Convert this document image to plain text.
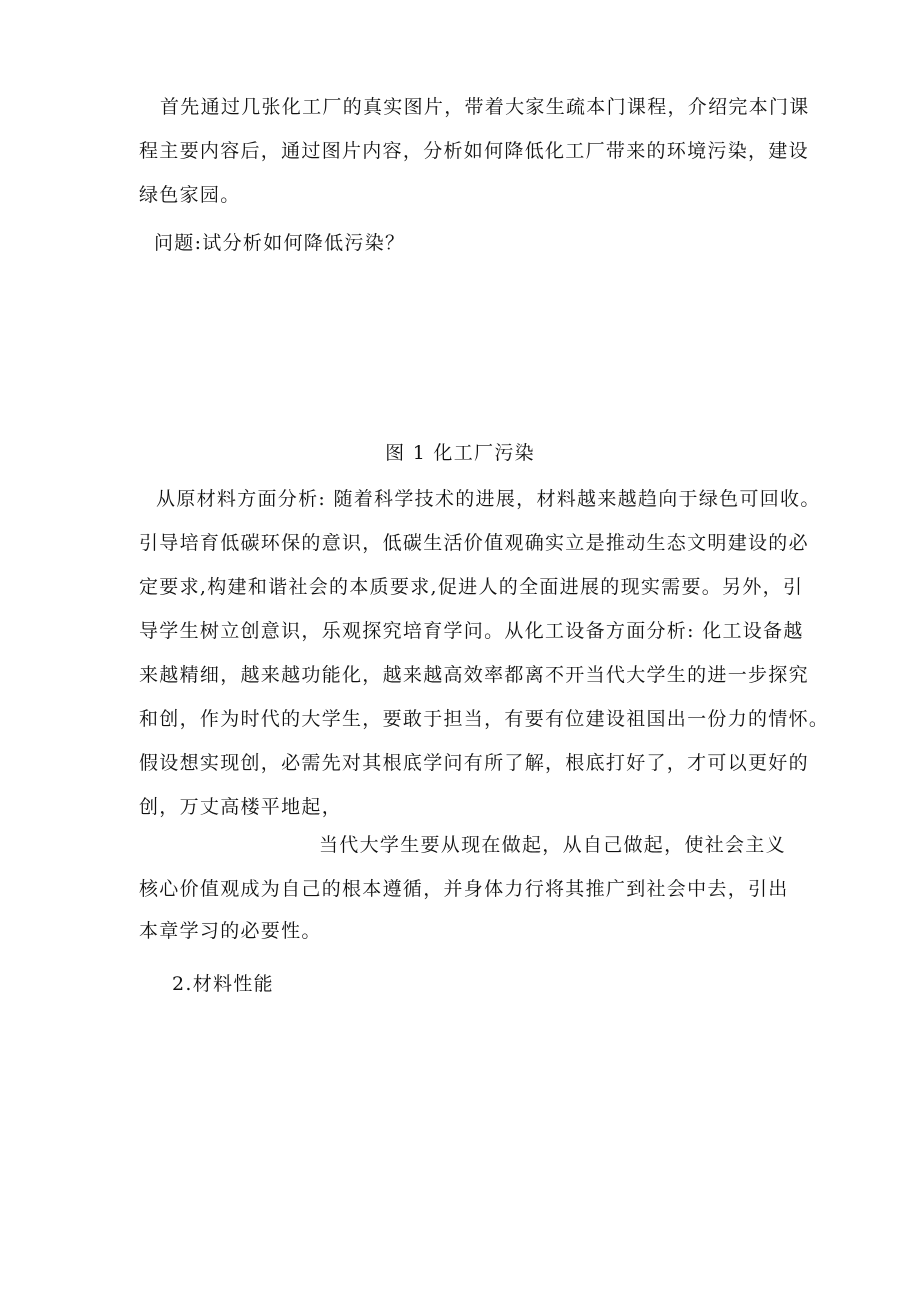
首先通过几张化工厂的真实图片，带着大家生疏本门课程，介绍完本门课
程主要内容后，通过图片内容，分析如何降低化工厂带来的环境污染，建设
绿色家园。
问题:试分析如何降低污染？
图 1 化工厂污染
从原材料方面分析: 随着科学技术的进展，材料越来越趋向于绿色可回收。
引导培育低碳环保的意识，低碳生活价值观确实立是推动生态文明建设的必
定要求,构建和谐社会的本质要求,促进人的全面进展的现实需要。另外，引
导学生树立创意识，乐观探究培育学问。从化工设备方面分析: 化工设备越
来越精细，越来越功能化，越来越高效率都离不开当代大学生的进一步探究
和创，作为时代的大学生，要敢于担当，有要有位建设祖国出一份力的情怀。
假设想实现创，必需先对其根底学问有所了解，根底打好了，才可以更好的
创，万丈高楼平地起，
当代大学生要从现在做起，从自己做起，使社会主义
核心价值观成为自己的根本遵循，并身体力行将其推广到社会中去，引出
本章学习的必要性。
2.材料性能
